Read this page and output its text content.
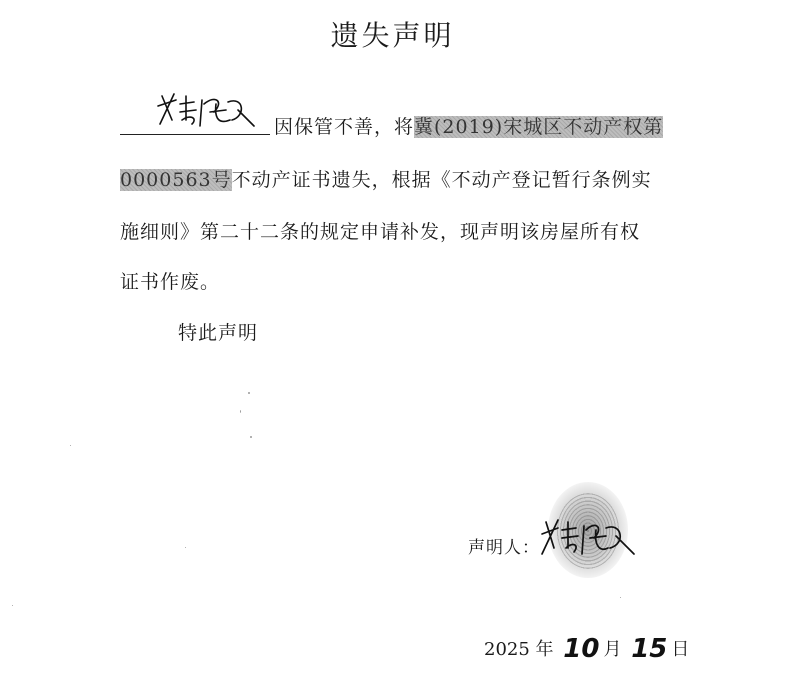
遗失声明
因保管不善，将冀(2019)宋城区不动产权第
0000563号不动产证书遗失，根据《不动产登记暂行条例实
施细则》第二十二条的规定申请补发，现声明该房屋所有权
证书作废。
特此声明
声明人：
2025 年 10 月 15 日
